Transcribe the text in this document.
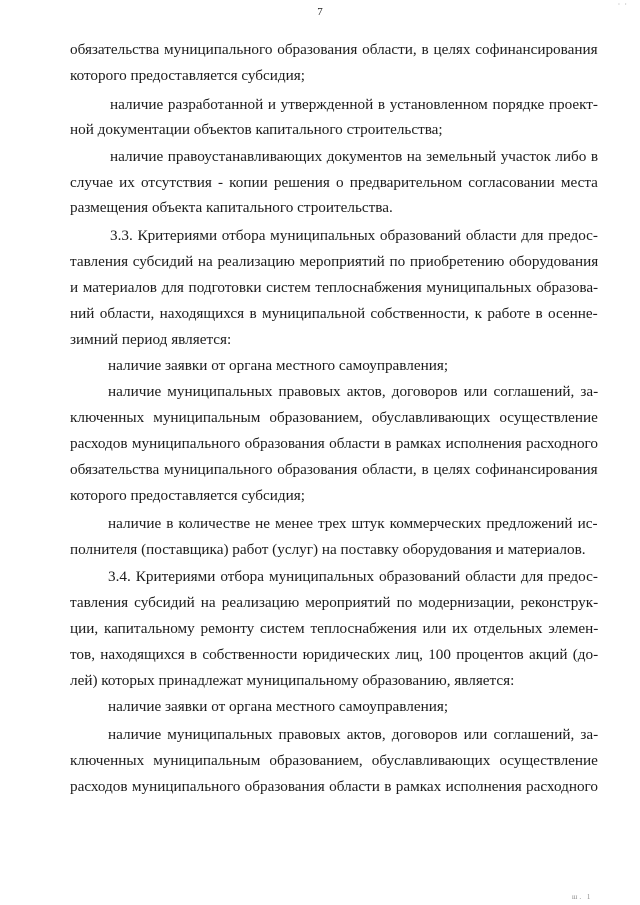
7
· ·

обязательства муниципального образования области, в целях софинансирования

которого предоставляется субсидия;

наличие разработанной и утвержденной в установленном порядке проект-

ной документации объектов капитального строительства;

наличие правоустанавливающих документов на земельный участок либо в

случае их отсутствия - копии решения о предварительном согласовании места

размещения объекта капитального строительства.

3.3. Критериями отбора муниципальных образований области для предос-

тавления субсидий на реализацию мероприятий по приобретению оборудования

и материалов для подготовки систем теплоснабжения муниципальных образова-

ний области, находящихся в муниципальной собственности, к работе в осенне-

зимний период является:

наличие заявки от органа местного самоуправления;

наличие муниципальных правовых актов, договоров или соглашений, за-

ключенных муниципальным образованием, обуславливающих осуществление

расходов муниципального образования области в рамках исполнения расходного

обязательства муниципального образования области, в целях софинансирования

которого предоставляется субсидия;

наличие в количестве не менее трех штук коммерческих предложений ис-

полнителя (поставщика) работ (услуг) на поставку оборудования и материалов.

3.4. Критериями отбора муниципальных образований области для предос-

тавления субсидий на реализацию мероприятий по модернизации, реконструк-

ции, капитальному ремонту систем теплоснабжения или их отдельных элемен-

тов, находящихся в собственности юридических лиц, 100 процентов акций (до-

лей) которых принадлежат муниципальному образованию, является:

наличие заявки от органа местного самоуправления;

наличие муниципальных правовых актов, договоров или соглашений, за-

ключенных муниципальным образованием, обуславливающих осуществление

расходов муниципального образования области в рамках исполнения расходного

ш. 1
